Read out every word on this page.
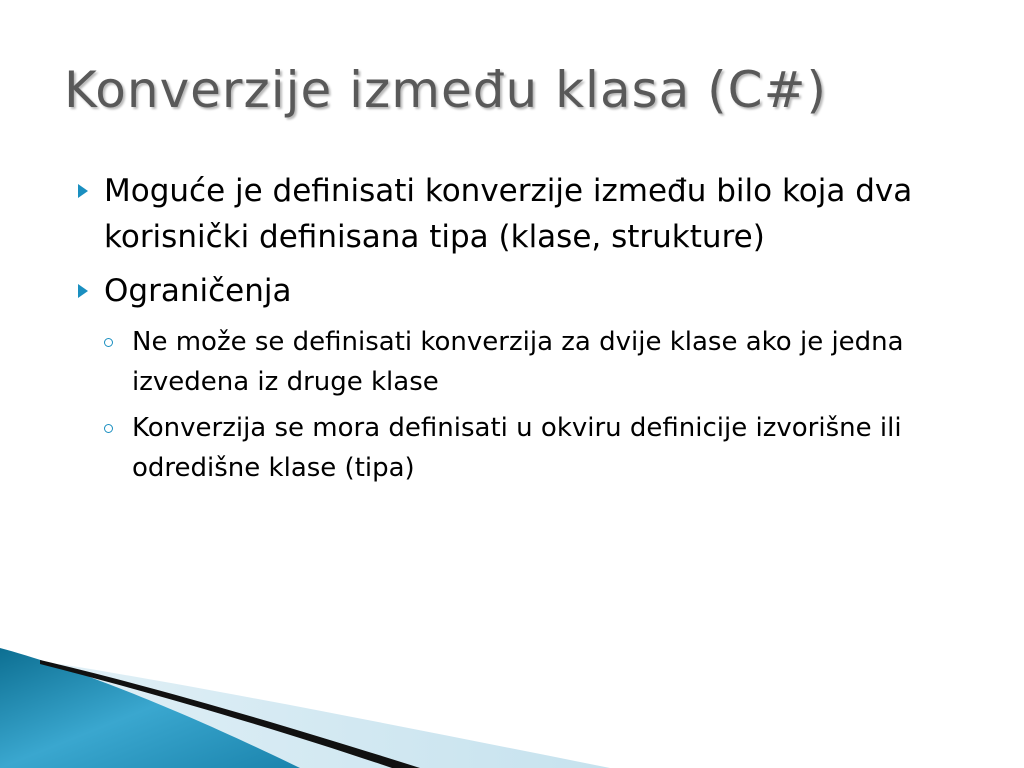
Konverzije između klasa (C#)
Moguće je definisati konverzije između bilo koja dva korisnički definisana tipa (klase, strukture)
Ograničenja
Ne može se definisati konverzija za dvije klase ako je jedna izvedena iz druge klase
Konverzija se mora definisati u okviru definicije izvorišne ili odredišne klase (tipa)
